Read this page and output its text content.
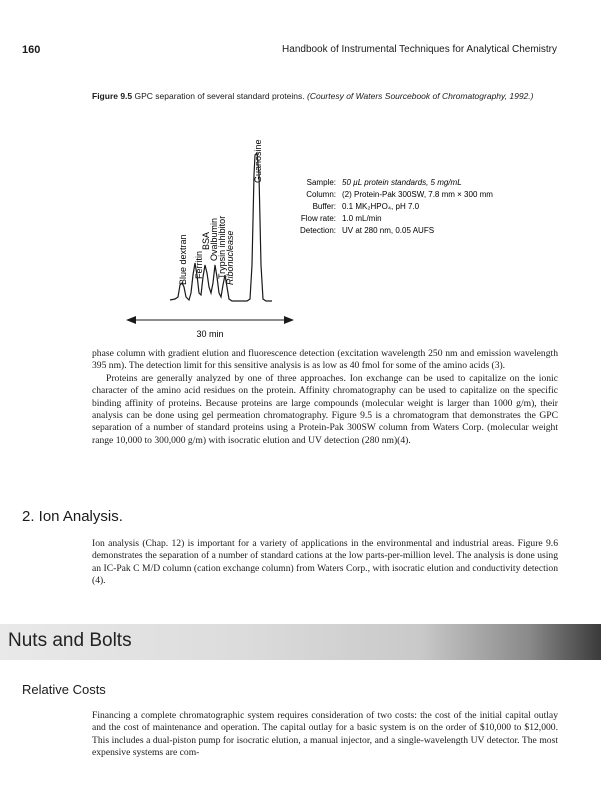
160	Handbook of Instrumental Techniques for Analytical Chemistry
Figure 9.5 GPC separation of several standard proteins. (Courtesy of Waters Sourcebook of Chromatography, 1992.)
Blue dextran Ferritin
BSA
Ovalbumin
Trypsin inhibitor
Ribonuclease
Guanosine	Sample: 50 µL protein standards, 5 mg/mL
Column: (2) Protein-Pak 300SW, 7.8 mm × 300 mm
Buffer: 0.1 MK₂HPO₄, pH 7.0
Flow rate: 1.0 mL/min
Detection: UV at 280 nm, 0.05 AUFS
30 min

phase column with gradient elution and fluorescence detection (excitation wavelength 250 nm and emission wavelength 395 nm). The detection limit for this sensitive analysis is as low as 40 fmol for some of the amino acids (3).

Proteins are generally analyzed by one of three approaches. Ion exchange can be used to capitalize on the ionic character of the amino acid residues on the protein. Affinity chromatography can be used to capitalize on the specific binding affinity of proteins. Because proteins are large compounds (molecular weight is larger than 1000 g/m), their analysis can be done using gel permeation chromatography. Figure 9.5 is a chromatogram that demonstrates the GPC separation of a number of standard proteins using a Protein-Pak 300SW column from Waters Corp. (molecular weight range 10,000 to 300,000 g/m) with isocratic elution and UV detection (280 nm)(4).

2. Ion Analysis.

Ion analysis (Chap. 12) is important for a variety of applications in the environmental and industrial areas. Figure 9.6 demonstrates the separation of a number of standard cations at the low parts-per-million level. The analysis is done using an IC-Pak C M/D column (cation exchange column) from Waters Corp., with isocratic elution and conductivity detection (4).

Nuts and Bolts
Relative Costs

Financing a complete chromatographic system requires consideration of two costs: the cost of the initial capital outlay and the cost of maintenance and operation. The capital outlay for a basic system is on the order of $10,000 to $12,000. This includes a dual-piston pump for isocratic elution, a manual injector, and a single-wavelength UV detector. The most expensive systems are com-
